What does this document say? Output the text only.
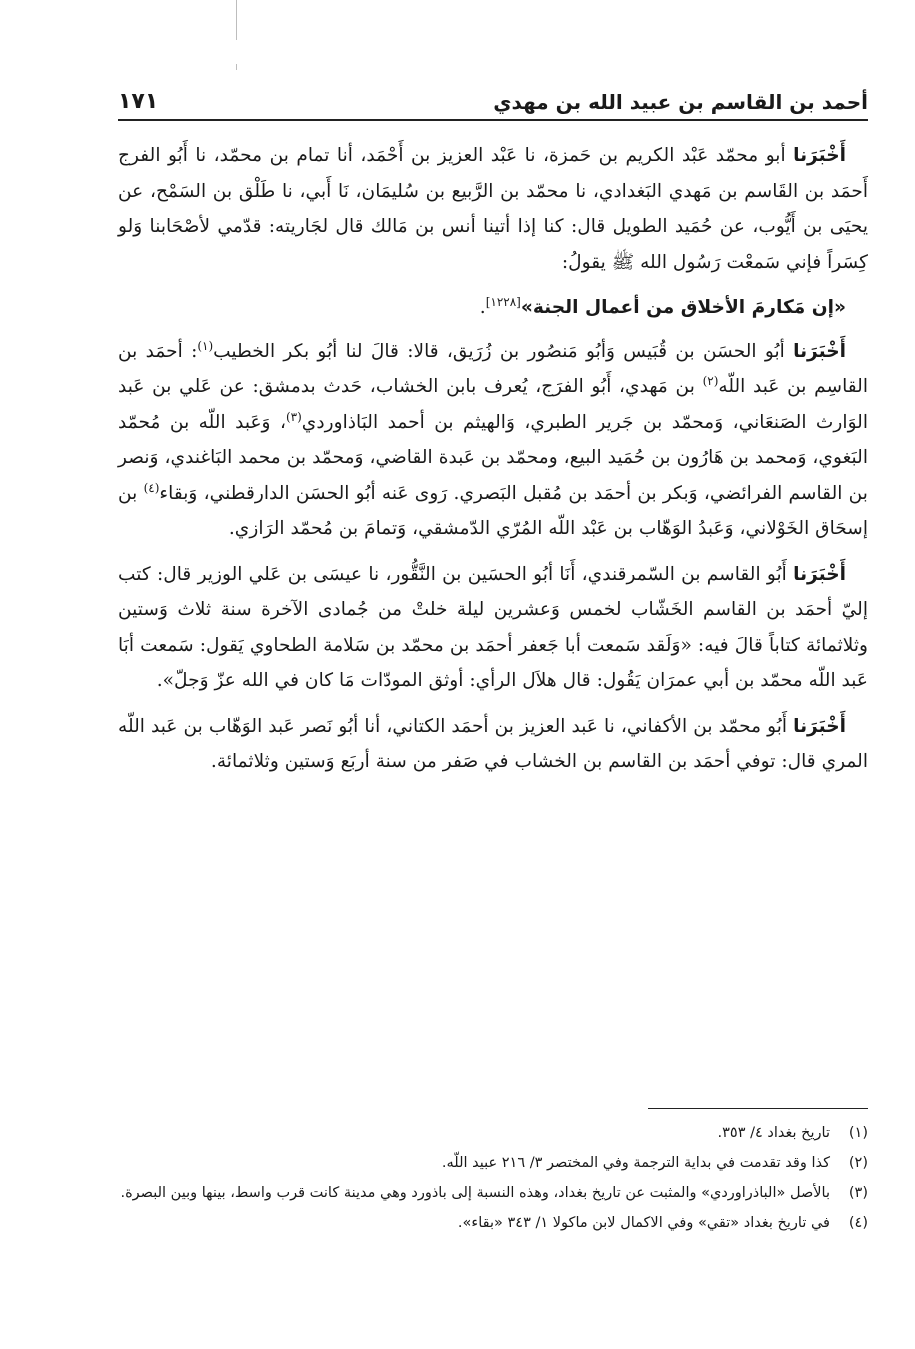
أحمد بن القاسم بن عبيد الله بن مهدي
١٧١

أَخْبَرَنا أبو محمّد عَبْد الكريم بن حَمزة، نا عَبْد العزيز بن أَحْمَد، أنا تمام بن محمّد، نا أَبُو الفرج أَحمَد بن القَاسم بن مَهدي البَغدادي، نا محمّد بن الرَّبيع بن سُليمَان، نَا أَبي، نا طَلْق بن السَمْح، عن يحيَى بن أَيُّوب، عن حُمَيد الطويل قال: كنا إذا أتينا أنس بن مَالك قال لجَاريته: قدّمي لأصْحَابنا وَلو كِسَراً فإني سَمعْت رَسُول الله ﷺ يقولُ:

«إن مَكارمَ الأخلاق من أعمال الجنة»[١٢٢٨].

أَخْبَرَنا أبُو الحسَن بن قُبَيس وَأبُو مَنصُور بن زُرَيق، قالا: قالَ لنا أبُو بكر الخطيب$^{(١)}$: أحمَد بن القاسِم بن عَبد اللّه$^{(٢)}$ بن مَهدي، أَبُو الفرَج، يُعرف بابن الخشاب، حَدث بدمشق: عن عَلي بن عَبد الوَارث الصَنعَاني، وَمحمّد بن جَرير الطبري، وَالهيثم بن أحمد البَاذاوردي$^{(٣)}$، وَعَبد اللّه بن مُحمّد البَغوي، وَمحمد بن هَارُون بن حُمَيد البيع، ومحمّد بن عَبدة القاضي، وَمحمّد بن محمد البَاغندي، وَنصر بن القاسم الفرائضي، وَبكر بن أحمَد بن مُقبل البَصري. رَوى عَنه أبُو الحسَن الدارقطني، وَبقاء$^{(٤)}$ بن إسحَاق الخَوْلاني، وَعَبدُ الوَهّاب بن عَبْد اللّه المُرّي الدّمشقي، وَتمامَ بن مُحمّد الرَازي.

أَخْبَرَنا أَبُو القاسم بن السّمرقندي، أَنَا أبُو الحسَين بن النَّقُّور، نا عيسَى بن عَلي الوزير قال: كتب إليّ أحمَد بن القاسم الخَشّاب لخمس وَعشرين ليلة خلتْ من جُمادى الآخرة سنة ثلاث وَستين وثلاثمائة كتاباً قالَ فيه: «وَلَقد سَمعت أبا جَعفر أحمَد بن محمّد بن سَلامة الطحاوي يَقول: سَمعت أبَا عَبد اللّه محمّد بن أبي عمرَان يَقُول: قال هلاَل الرأي: أوثق المودّات مَا كان في الله عزّ وَجلّ».

أَخْبَرَنا أَبُو محمّد بن الأكفاني، نا عَبد العزيز بن أحمَد الكتاني، أنا أبُو نَصر عَبد الوَهّاب بن عَبد اللّه المري قال: توفي أحمَد بن القاسم بن الخشاب في صَفر من سنة أربَع وَستين وثلاثمائة.

(١)
تاريخ بغداد ٤/ ٣٥٣.
(٢)
كذا وقد تقدمت في بداية الترجمة وفي المختصر ٣/ ٢١٦ عبيد اللّه.
(٣)
بالأصل «الباذراوردي» والمثبت عن تاريخ بغداد، وهذه النسبة إلى باذورد وهي مدينة كانت قرب واسط، بينها وبين البصرة.
(٤)
في تاريخ بغداد «تقي» وفي الاكمال لابن ماكولا ١/ ٣٤٣ «بقاء».
